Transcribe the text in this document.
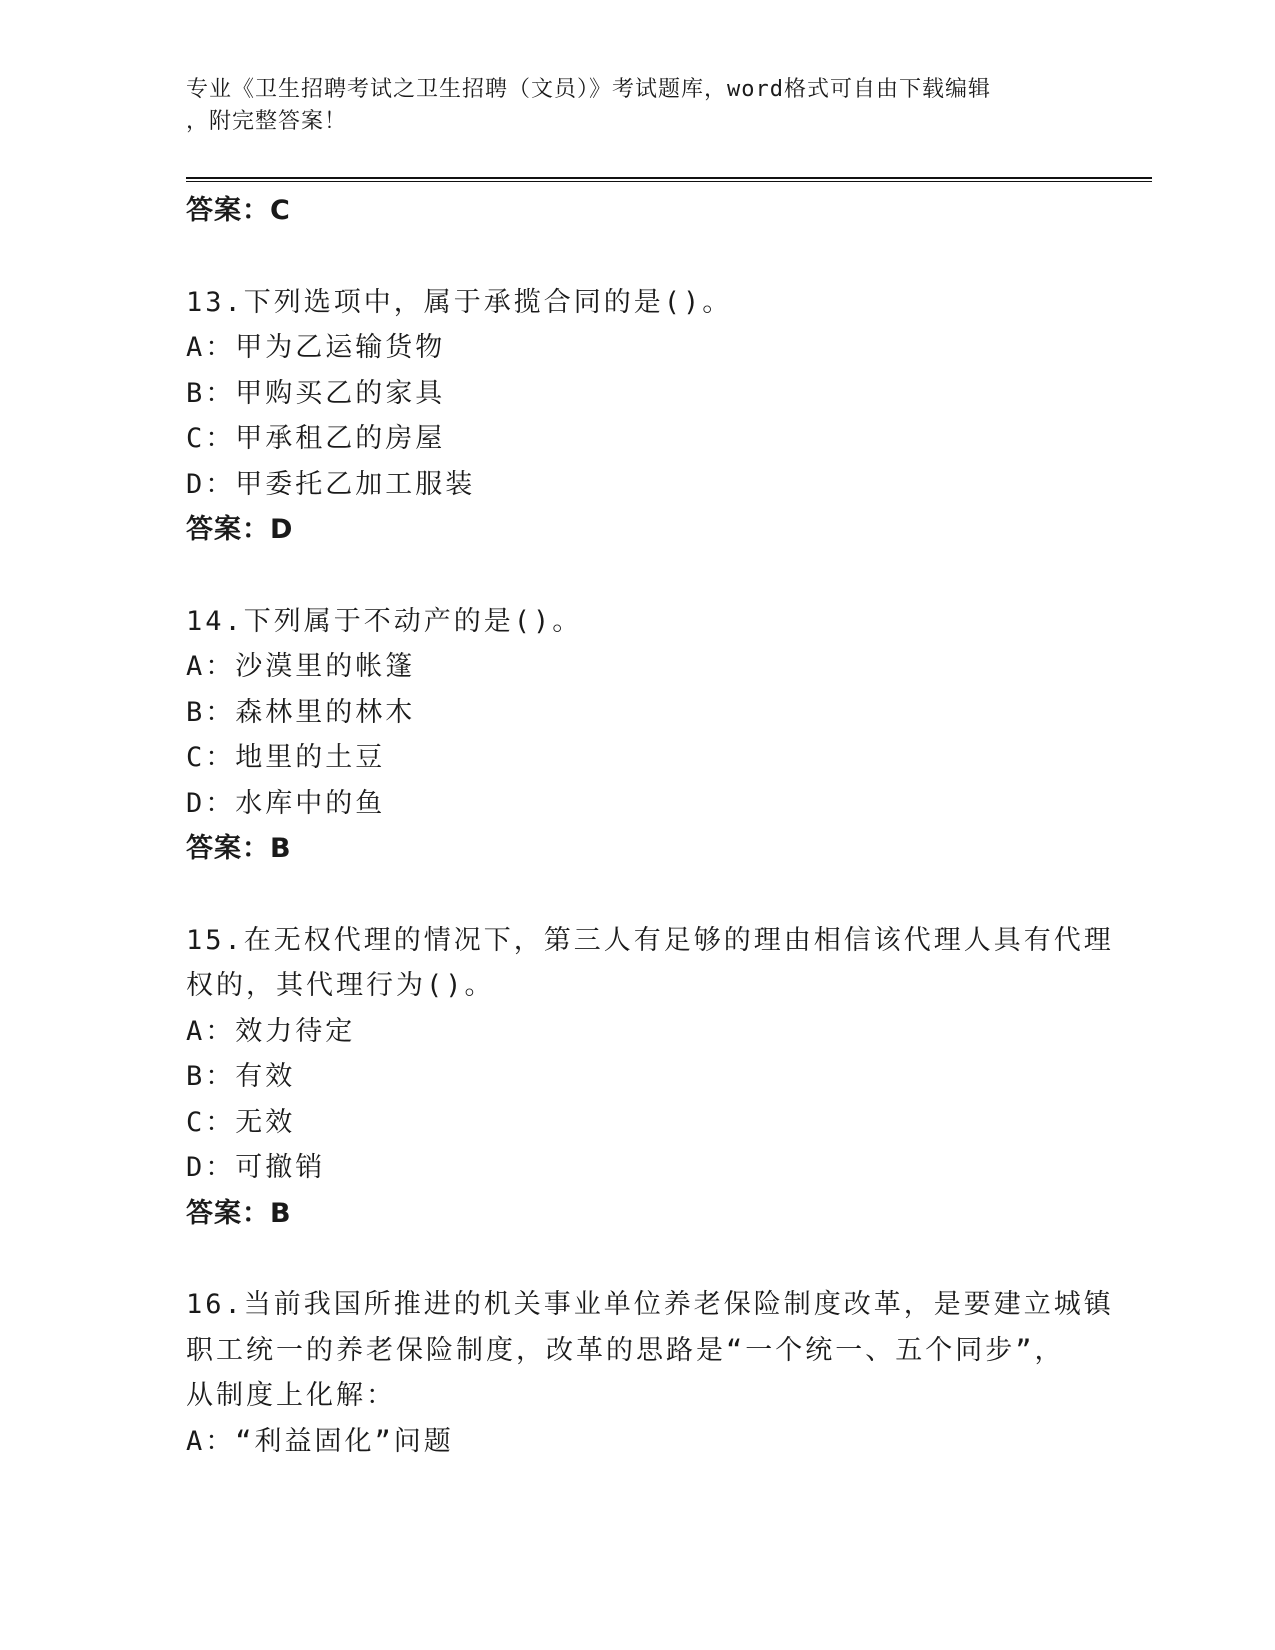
专业《卫生招聘考试之卫生招聘（文员）》考试题库，word格式可自由下载编辑
，附完整答案！
答案：C
13.下列选项中，属于承揽合同的是()。
A：甲为乙运输货物
B：甲购买乙的家具
C：甲承租乙的房屋
D：甲委托乙加工服装
答案：D
14.下列属于不动产的是()。
A：沙漠里的帐篷
B：森林里的林木
C：地里的土豆
D：水库中的鱼
答案：B
15.在无权代理的情况下，第三人有足够的理由相信该代理人具有代理
权的，其代理行为()。
A：效力待定
B：有效
C：无效
D：可撤销
答案：B
16.当前我国所推进的机关事业单位养老保险制度改革，是要建立城镇
职工统一的养老保险制度，改革的思路是“一个统一、五个同步”，
从制度上化解：
A：“利益固化”问题
